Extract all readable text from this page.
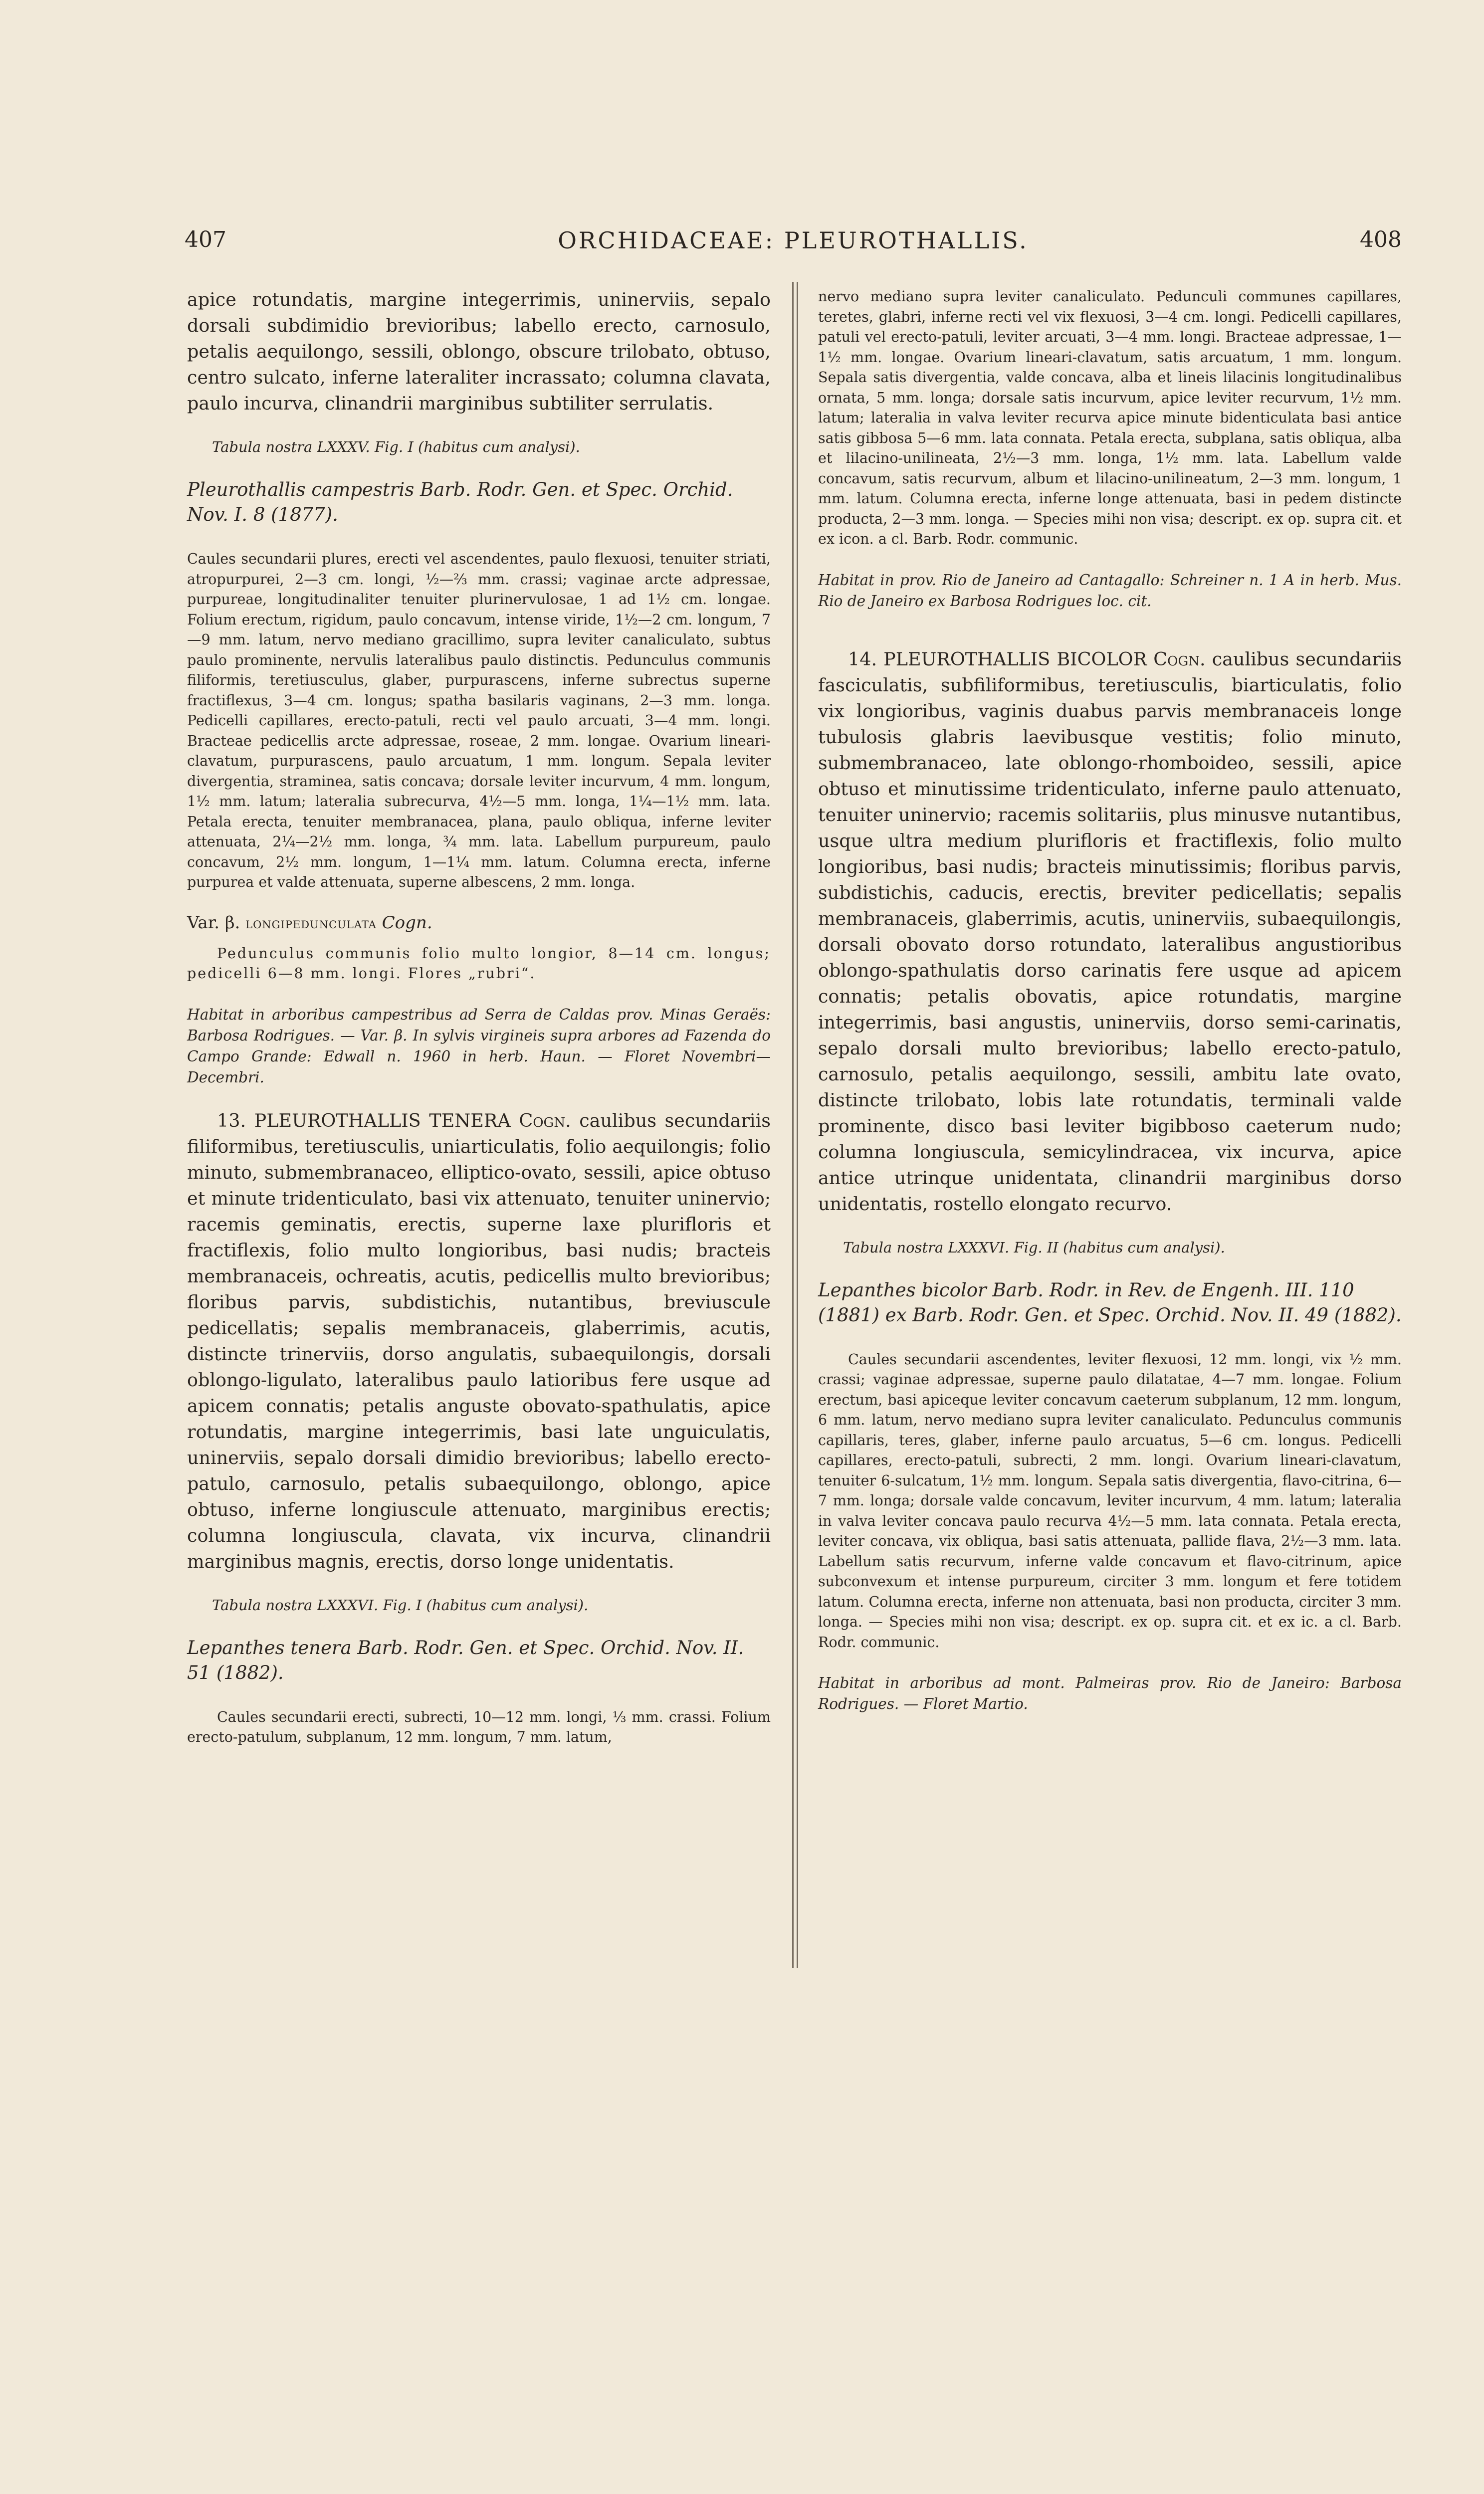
407	ORCHIDACEAE: PLEUROTHALLIS.	408

apice rotundatis, margine integerrimis, uninerviis, sepalo dorsali subdimidio brevioribus; labello erecto, carnosulo, petalis aequilongo, sessili, oblongo, obscure trilobato, obtuso, centro sulcato, inferne lateraliter incrassato; columna clavata, paulo incurva, clinandrii marginibus subtiliter serrulatis.

Tabula nostra LXXXV. Fig. I (habitus cum analysi).

Pleurothallis campestris Barb. Rodr. Gen. et Spec. Orchid. Nov. I. 8 (1877).

Caules secundarii plures, erecti vel ascendentes, paulo flexuosi, tenuiter striati, atropurpurei, 2—3 cm. longi, ½—⅔ mm. crassi; vaginae arcte adpressae, purpureae, longitudinaliter tenuiter plurinervulosae, 1 ad 1½ cm. longae. Folium erectum, rigidum, paulo concavum, intense viride, 1½—2 cm. longum, 7—9 mm. latum, nervo mediano gracillimo, supra leviter canaliculato, subtus paulo prominente, nervulis lateralibus paulo distinctis. Pedunculus communis filiformis, teretiusculus, glaber, purpurascens, inferne subrectus superne fractiflexus, 3—4 cm. longus; spatha basilaris vaginans, 2—3 mm. longa. Pedicelli capillares, erecto-patuli, recti vel paulo arcuati, 3—4 mm. longi. Bracteae pedicellis arcte adpressae, roseae, 2 mm. longae. Ovarium lineari-clavatum, purpurascens, paulo arcuatum, 1 mm. longum. Sepala leviter divergentia, straminea, satis concava; dorsale leviter incurvum, 4 mm. longum, 1½ mm. latum; lateralia subrecurva, 4½—5 mm. longa, 1¼—1½ mm. lata. Petala erecta, tenuiter membranacea, plana, paulo obliqua, inferne leviter attenuata, 2¼—2½ mm. longa, ¾ mm. lata. Labellum purpureum, paulo concavum, 2½ mm. longum, 1—1¼ mm. latum. Columna erecta, inferne purpurea et valde attenuata, superne albescens, 2 mm. longa.

Var. β. longipedunculata Cogn.

Pedunculus communis folio multo longior, 8—14 cm. longus; pedicelli 6—8 mm. longi. Flores „rubri“.

Habitat in arboribus campestribus ad Serra de Caldas prov. Minas Geraës: Barbosa Rodrigues. — Var. β. In sylvis virgineis supra arbores ad Fazenda do Campo Grande: Edwall n. 1960 in herb. Haun. — Floret Novembri—Decembri.

13. PLEUROTHALLIS TENERA Cogn. caulibus secundariis filiformibus, teretiusculis, uniarticulatis, folio aequilongis; folio minuto, submembranaceo, elliptico-ovato, sessili, apice obtuso et minute tridenticulato, basi vix attenuato, tenuiter uninervio; racemis geminatis, erectis, superne laxe plurifloris et fractiflexis, folio multo longioribus, basi nudis; bracteis membranaceis, ochreatis, acutis, pedicellis multo brevioribus; floribus parvis, subdistichis, nutantibus, breviuscule pedicellatis; sepalis membranaceis, glaberrimis, acutis, distincte trinerviis, dorso angulatis, subaequilongis, dorsali oblongo-ligulato, lateralibus paulo latioribus fere usque ad apicem connatis; petalis anguste obovato-spathulatis, apice rotundatis, margine integerrimis, basi late unguiculatis, uninerviis, sepalo dorsali dimidio brevioribus; labello erecto-patulo, carnosulo, petalis subaequilongo, oblongo, apice obtuso, inferne longiuscule attenuato, marginibus erectis; columna longiuscula, clavata, vix incurva, clinandrii marginibus magnis, erectis, dorso longe unidentatis.

Tabula nostra LXXXVI. Fig. I (habitus cum analysi).

Lepanthes tenera Barb. Rodr. Gen. et Spec. Orchid. Nov. II. 51 (1882).

Caules secundarii erecti, subrecti, 10—12 mm. longi, ⅓ mm. crassi. Folium erecto-patulum, subplanum, 12 mm. longum, 7 mm. latum,

nervo mediano supra leviter canaliculato. Pedunculi communes capillares, teretes, glabri, inferne recti vel vix flexuosi, 3—4 cm. longi. Pedicelli capillares, patuli vel erecto-patuli, leviter arcuati, 3—4 mm. longi. Bracteae adpressae, 1—1½ mm. longae. Ovarium lineari-clavatum, satis arcuatum, 1 mm. longum. Sepala satis divergentia, valde concava, alba et lineis lilacinis longitudinalibus ornata, 5 mm. longa; dorsale satis incurvum, apice leviter recurvum, 1½ mm. latum; lateralia in valva leviter recurva apice minute bidenticulata basi antice satis gibbosa 5—6 mm. lata connata. Petala erecta, subplana, satis obliqua, alba et lilacino-unilineata, 2½—3 mm. longa, 1½ mm. lata. Labellum valde concavum, satis recurvum, album et lilacino-unilineatum, 2—3 mm. longum, 1 mm. latum. Columna erecta, inferne longe attenuata, basi in pedem distincte producta, 2—3 mm. longa. — Species mihi non visa; descript. ex op. supra cit. et ex icon. a cl. Barb. Rodr. communic.

Habitat in prov. Rio de Janeiro ad Cantagallo: Schreiner n. 1 A in herb. Mus. Rio de Janeiro ex Barbosa Rodrigues loc. cit.

14. PLEUROTHALLIS BICOLOR Cogn. caulibus secundariis fasciculatis, subfiliformibus, teretiusculis, biarticulatis, folio vix longioribus, vaginis duabus parvis membranaceis longe tubulosis glabris laevibusque vestitis; folio minuto, submembranaceo, late oblongo-rhomboideo, sessili, apice obtuso et minutissime tridenticulato, inferne paulo attenuato, tenuiter uninervio; racemis solitariis, plus minusve nutantibus, usque ultra medium plurifloris et fractiflexis, folio multo longioribus, basi nudis; bracteis minutissimis; floribus parvis, subdistichis, caducis, erectis, breviter pedicellatis; sepalis membranaceis, glaberrimis, acutis, uninerviis, subaequilongis, dorsali obovato dorso rotundato, lateralibus angustioribus oblongo-spathulatis dorso carinatis fere usque ad apicem connatis; petalis obovatis, apice rotundatis, margine integerrimis, basi angustis, uninerviis, dorso semi-carinatis, sepalo dorsali multo brevioribus; labello erecto-patulo, carnosulo, petalis aequilongo, sessili, ambitu late ovato, distincte trilobato, lobis late rotundatis, terminali valde prominente, disco basi leviter bigibboso caeterum nudo; columna longiuscula, semicylindracea, vix incurva, apice antice utrinque unidentata, clinandrii marginibus dorso unidentatis, rostello elongato recurvo.

Tabula nostra LXXXVI. Fig. II (habitus cum analysi).

Lepanthes bicolor Barb. Rodr. in Rev. de Engenh. III. 110 (1881) ex Barb. Rodr. Gen. et Spec. Orchid. Nov. II. 49 (1882).

Caules secundarii ascendentes, leviter flexuosi, 12 mm. longi, vix ½ mm. crassi; vaginae adpressae, superne paulo dilatatae, 4—7 mm. longae. Folium erectum, basi apiceque leviter concavum caeterum subplanum, 12 mm. longum, 6 mm. latum, nervo mediano supra leviter canaliculato. Pedunculus communis capillaris, teres, glaber, inferne paulo arcuatus, 5—6 cm. longus. Pedicelli capillares, erecto-patuli, subrecti, 2 mm. longi. Ovarium lineari-clavatum, tenuiter 6-sulcatum, 1½ mm. longum. Sepala satis divergentia, flavo-citrina, 6—7 mm. longa; dorsale valde concavum, leviter incurvum, 4 mm. latum; lateralia in valva leviter concava paulo recurva 4½—5 mm. lata connata. Petala erecta, leviter concava, vix obliqua, basi satis attenuata, pallide flava, 2½—3 mm. lata. Labellum satis recurvum, inferne valde concavum et flavo-citrinum, apice subconvexum et intense purpureum, circiter 3 mm. longum et fere totidem latum. Columna erecta, inferne non attenuata, basi non producta, circiter 3 mm. longa. — Species mihi non visa; descript. ex op. supra cit. et ex ic. a cl. Barb. Rodr. communic.

Habitat in arboribus ad mont. Palmeiras prov. Rio de Janeiro: Barbosa Rodrigues. — Floret Martio.
